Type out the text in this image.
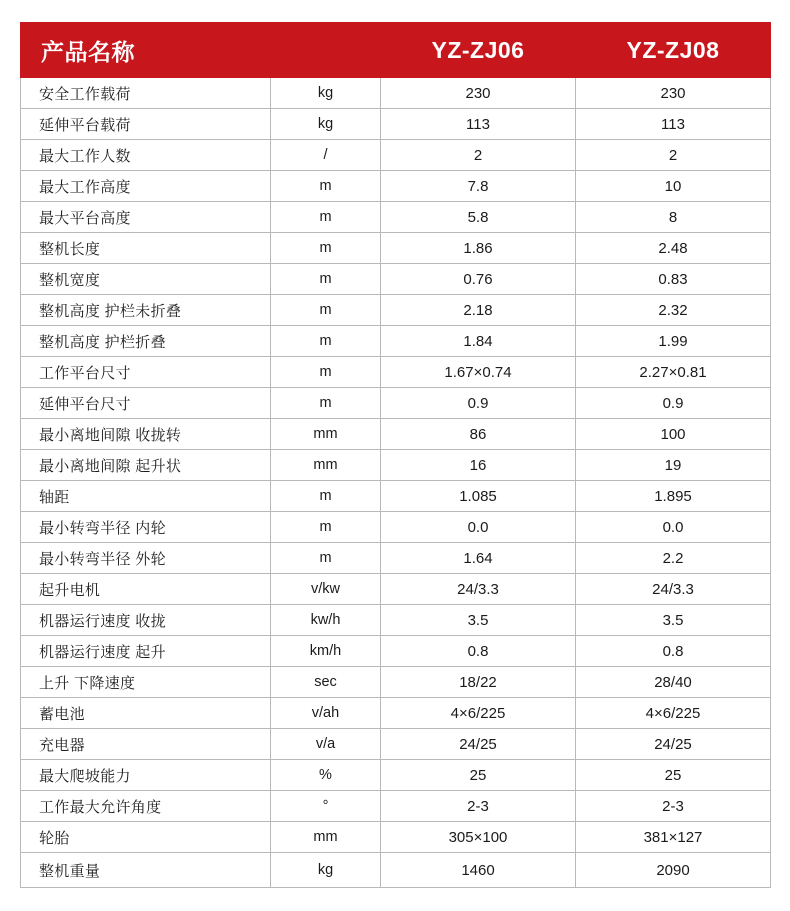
产品名称		YZ-ZJ06	YZ-ZJ08
安全工作载荷	kg	230	230
延伸平台载荷	kg	113	113
最大工作人数	/	2	2
最大工作高度	m	7.8	10
最大平台高度	m	5.8	8
整机长度	m	1.86	2.48
整机宽度	m	0.76	0.83
整机高度 护栏未折叠	m	2.18	2.32
整机高度 护栏折叠	m	1.84	1.99
工作平台尺寸	m	1.67×0.74	2.27×0.81
延伸平台尺寸	m	0.9	0.9
最小离地间隙 收拢转	mm	86	100
最小离地间隙 起升状	mm	16	19
轴距	m	1.085	1.895
最小转弯半径 内轮	m	0.0	0.0
最小转弯半径 外轮	m	1.64	2.2
起升电机	v/kw	24/3.3	24/3.3
机器运行速度 收拢	kw/h	3.5	3.5
机器运行速度 起升	km/h	0.8	0.8
上升 下降速度	sec	18/22	28/40
蓄电池	v/ah	4×6/225	4×6/225
充电器	v/a	24/25	24/25
最大爬坡能力	%	25	25
工作最大允许角度	°	2-3	2-3
轮胎	mm	305×100	381×127
整机重量	kg	1460	2090
